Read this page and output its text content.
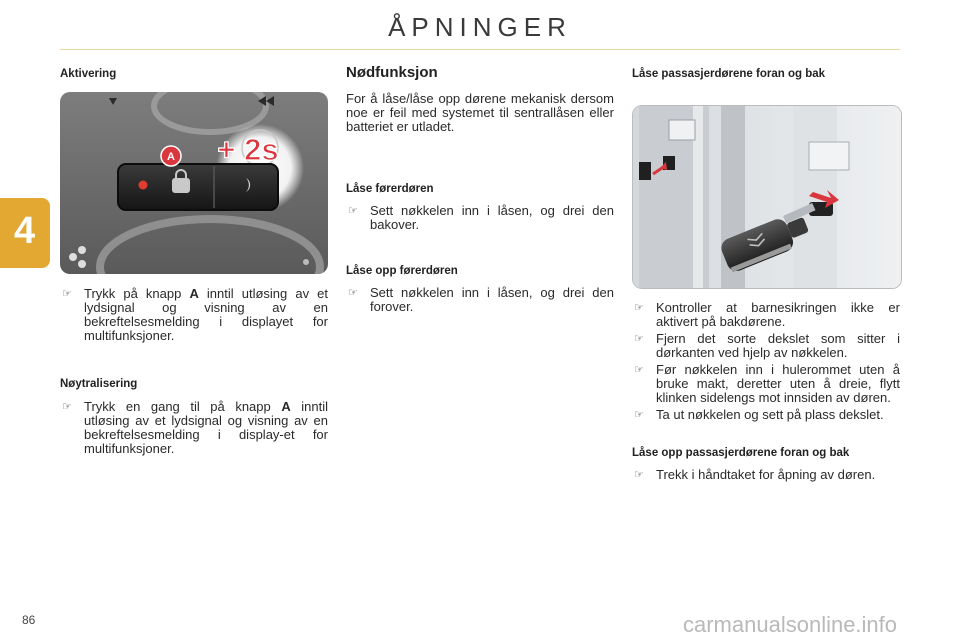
ÅPNINGER
4
Aktivering
A + 2s
☞ Trykk på knapp A inntil utløsing av et lydsignal og visning av en bekreftelsesmelding i displayet for multifunksjoner.
Nøytralisering
☞ Trykk en gang til på knapp A inntil utløsing av et lydsignal og visning av en bekreftelsesmelding i display-et for multifunksjoner.
Nødfunksjon
For å låse/låse opp dørene mekanisk dersom noe er feil med systemet til sentrallåsen eller batteriet er utladet.
Låse førerdøren
☞ Sett nøkkelen inn i låsen, og drei den bakover.
Låse opp førerdøren
☞ Sett nøkkelen inn i låsen, og drei den forover.
Låse passasjerdørene foran og bak
☞ Kontroller at barnesikringen ikke er aktivert på bakdørene.
☞ Fjern det sorte dekslet som sitter i dørkanten ved hjelp av nøkkelen.
☞ Før nøkkelen inn i hulerommet uten å bruke makt, deretter uten å dreie, flytt klinken sidelengs mot innsiden av døren.
☞ Ta ut nøkkelen og sett på plass dekslet.
Låse opp passasjerdørene foran og bak
☞ Trekk i håndtaket for åpning av døren.
86	carmanualsonline.info
